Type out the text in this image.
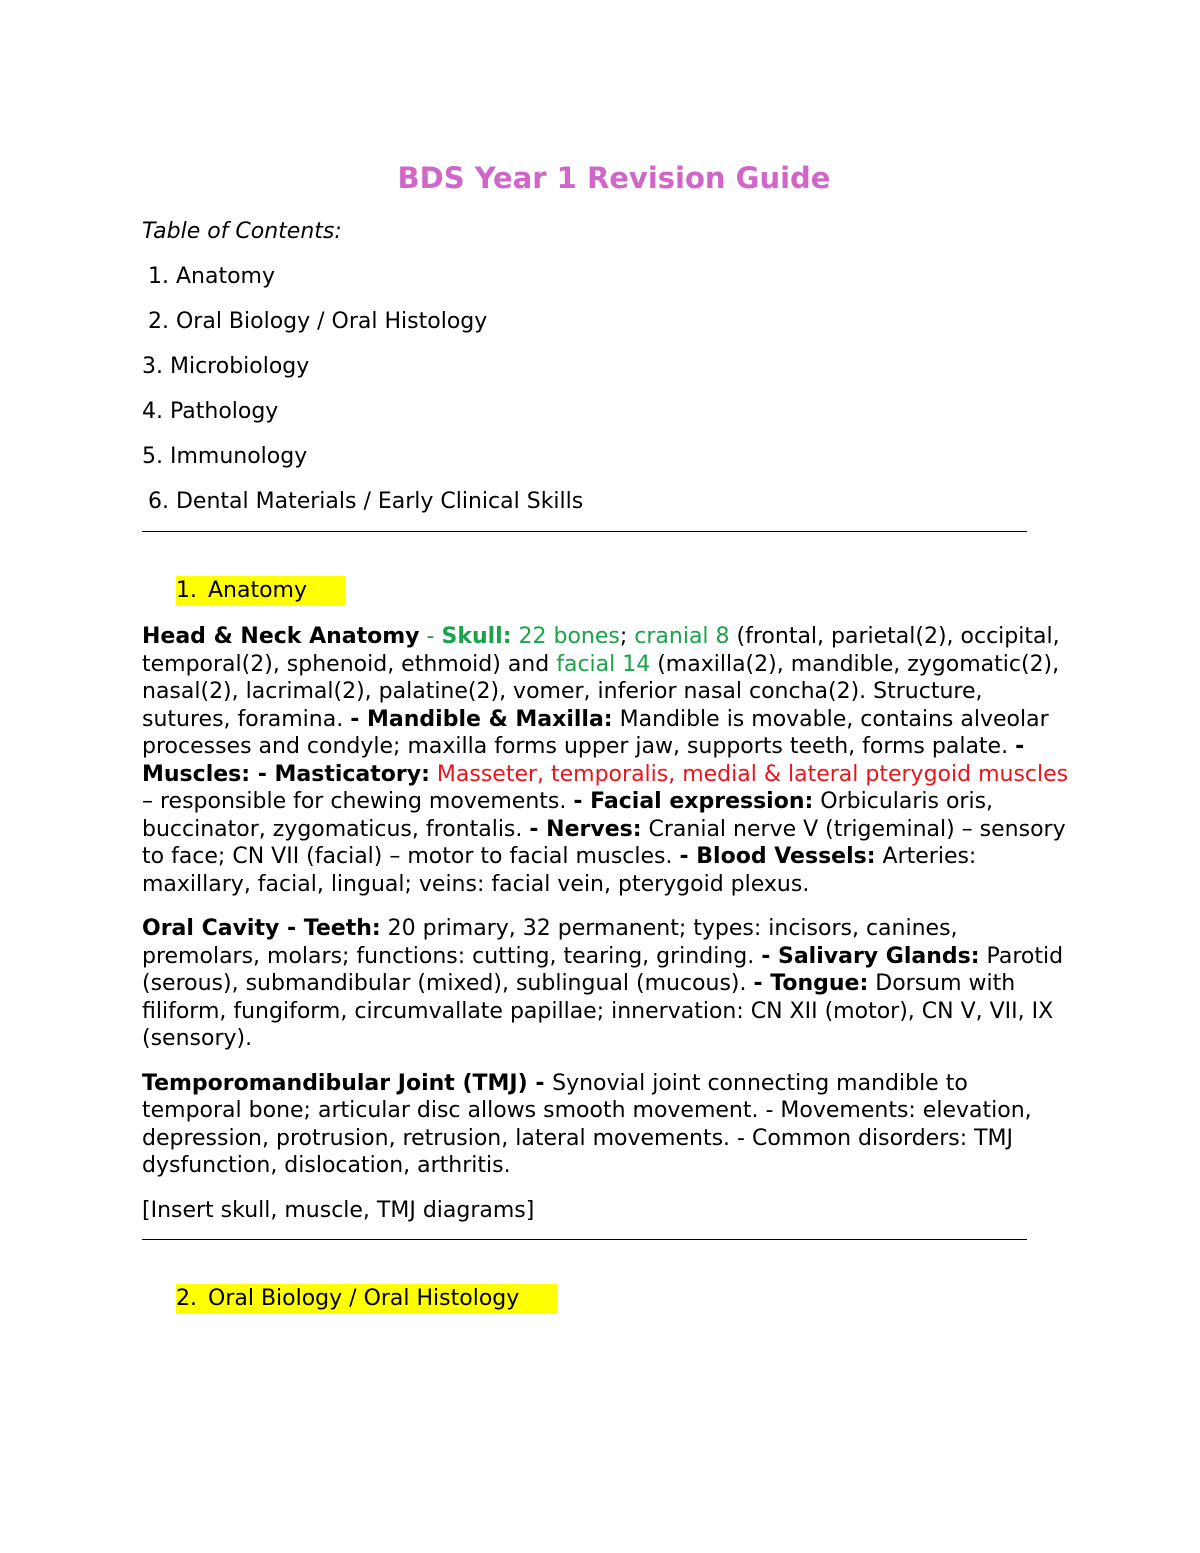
BDS Year 1 Revision Guide

Table of Contents:

1. Anatomy
2. Oral Biology / Oral Histology
3. Microbiology
4. Pathology
5. Immunology
6. Dental Materials / Early Clinical Skills

1. Anatomy

Head & Neck Anatomy - Skull: 22 bones; cranial 8 (frontal, parietal(2), occipital, temporal(2), sphenoid, ethmoid) and facial 14 (maxilla(2), mandible, zygomatic(2), nasal(2), lacrimal(2), palatine(2), vomer, inferior nasal concha(2). Structure, sutures, foramina. - Mandible & Maxilla: Mandible is movable, contains alveolar processes and condyle; maxilla forms upper jaw, supports teeth, forms palate. - Muscles: - Masticatory: Masseter, temporalis, medial & lateral pterygoid muscles – responsible for chewing movements. - Facial expression: Orbicularis oris, buccinator, zygomaticus, frontalis. - Nerves: Cranial nerve V (trigeminal) – sensory to face; CN VII (facial) – motor to facial muscles. - Blood Vessels: Arteries: maxillary, facial, lingual; veins: facial vein, pterygoid plexus.

Oral Cavity - Teeth: 20 primary, 32 permanent; types: incisors, canines, premolars, molars; functions: cutting, tearing, grinding. - Salivary Glands: Parotid (serous), submandibular (mixed), sublingual (mucous). - Tongue: Dorsum with filiform, fungiform, circumvallate papillae; innervation: CN XII (motor), CN V, VII, IX (sensory).

Temporomandibular Joint (TMJ) - Synovial joint connecting mandible to temporal bone; articular disc allows smooth movement. - Movements: elevation, depression, protrusion, retrusion, lateral movements. - Common disorders: TMJ dysfunction, dislocation, arthritis.

[Insert skull, muscle, TMJ diagrams]

2. Oral Biology / Oral Histology
